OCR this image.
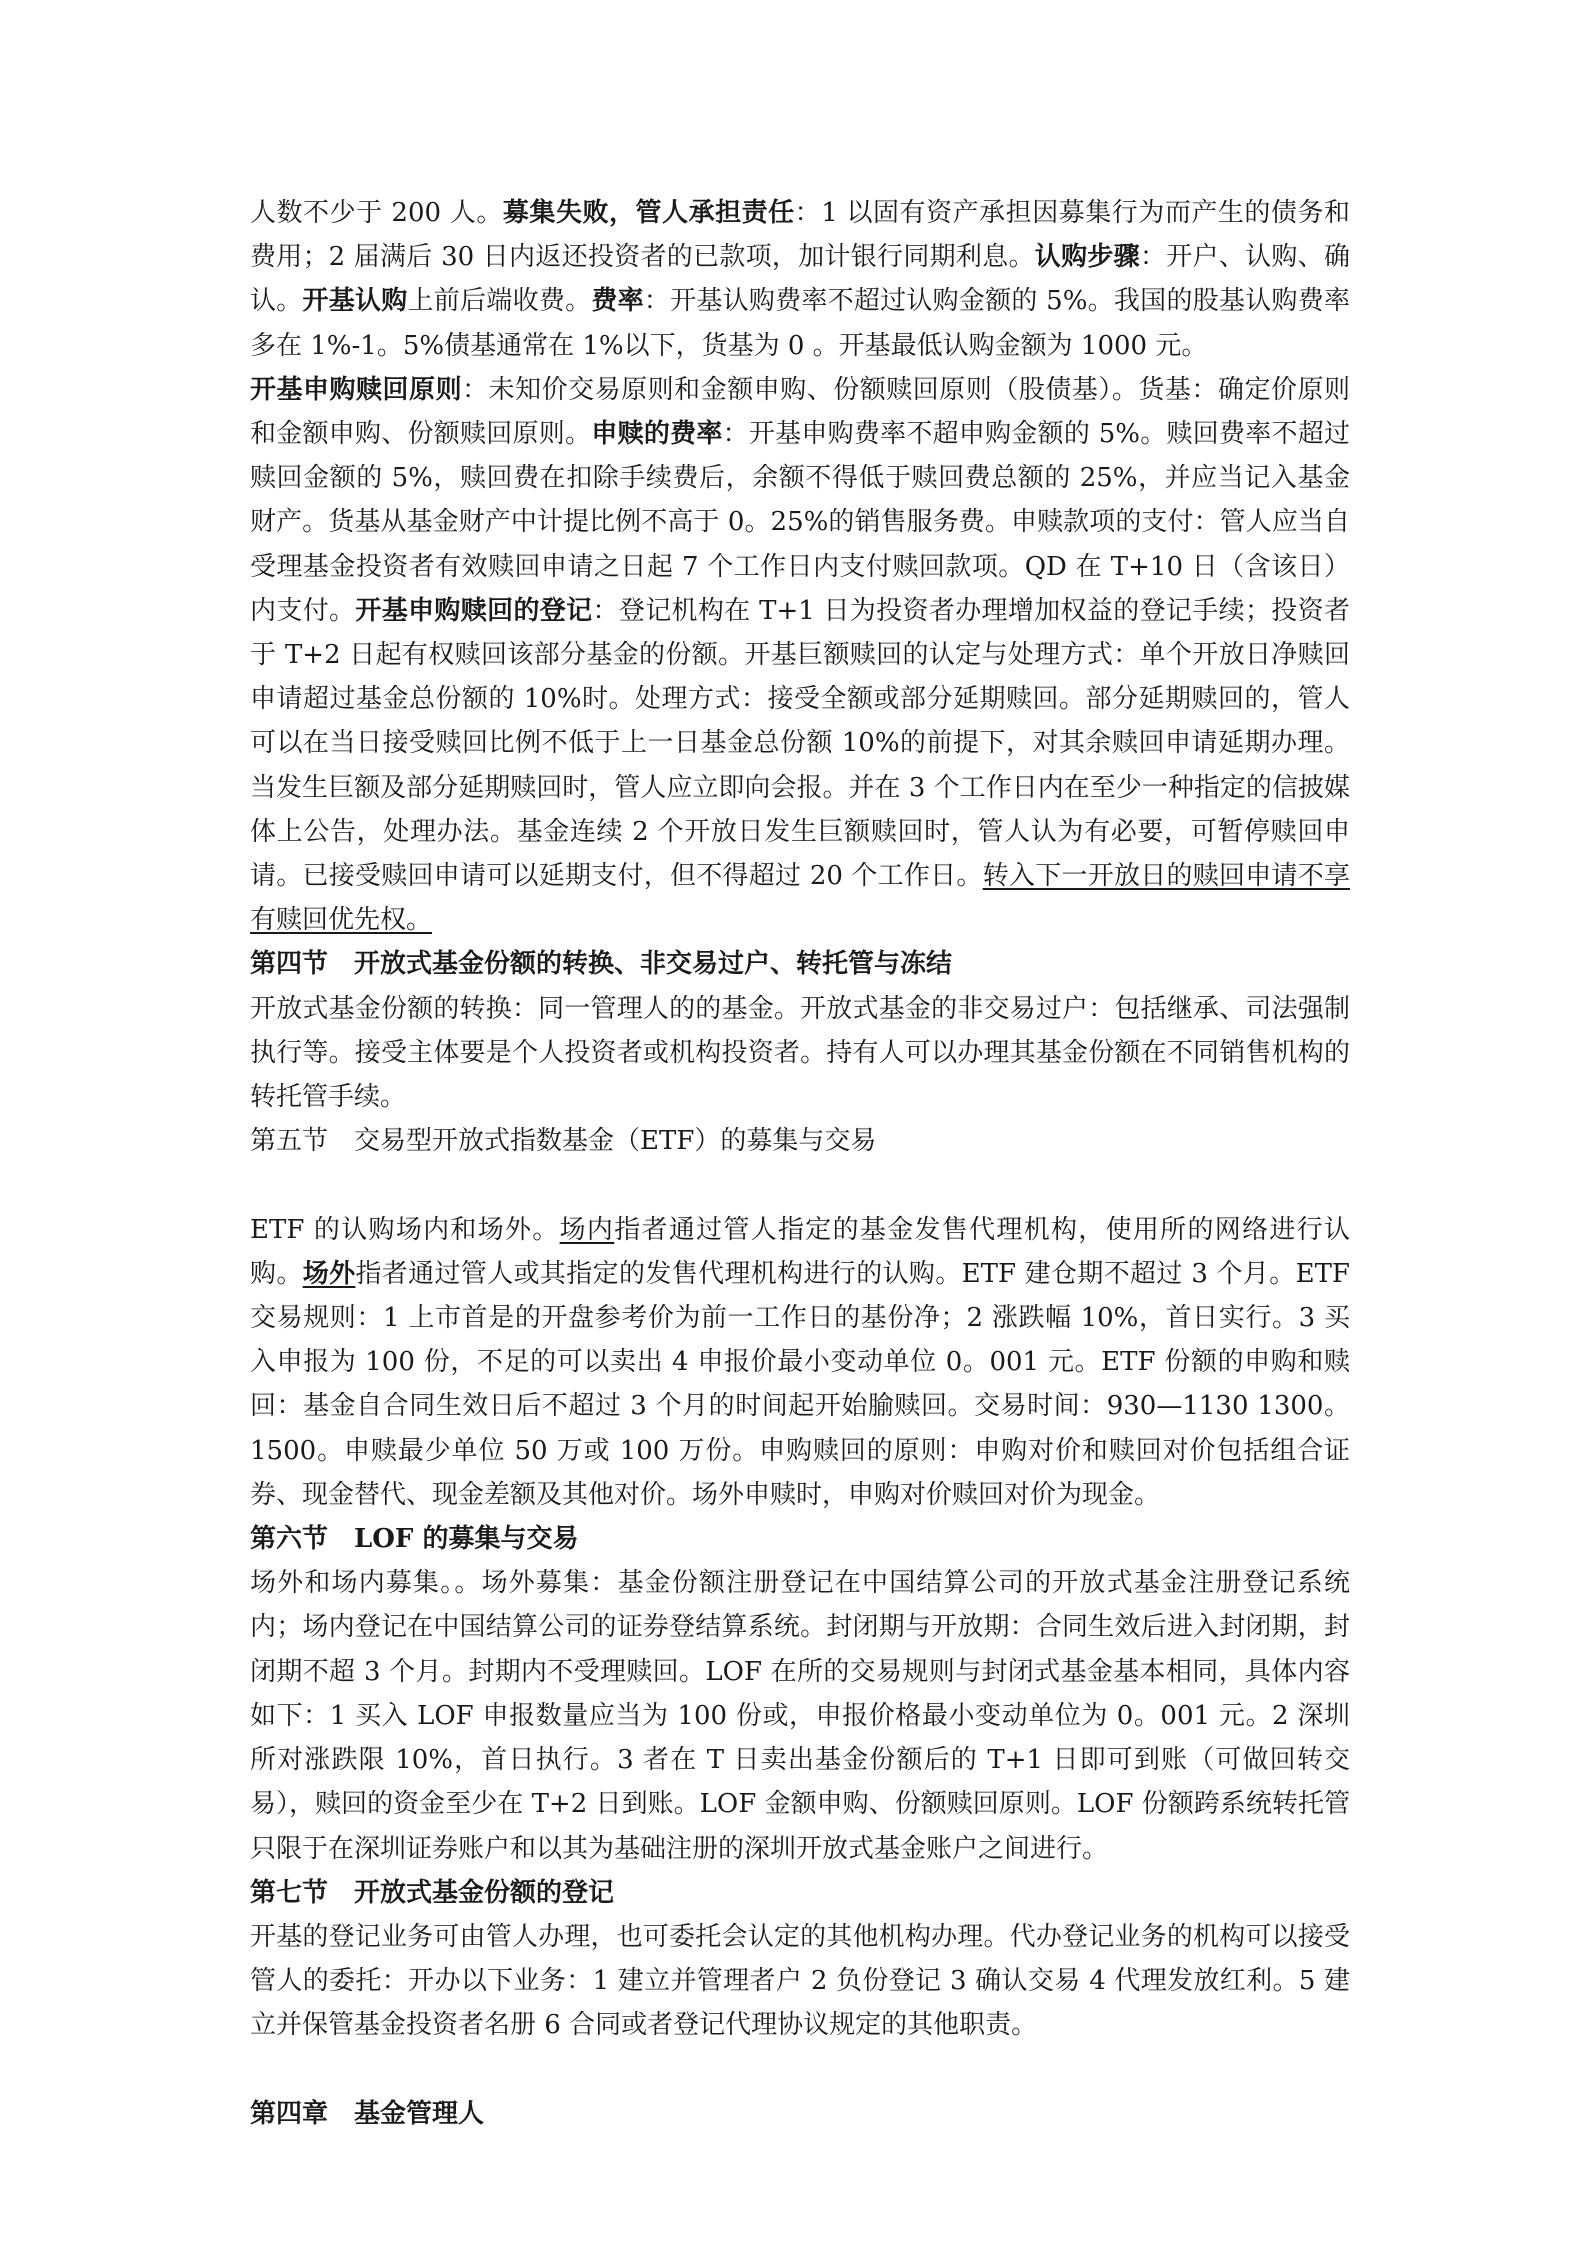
人数不少于 200 人。募集失败，管人承担责任：1 以固有资产承担因募集行为而产生的债务和费用；2 届满后 30 日内返还投资者的已款项，加计银行同期利息。认购步骤：开户、认购、确认。开基认购上前后端收费。费率：开基认购费率不超过认购金额的 5%。我国的股基认购费率多在 1%-1。5%债基通常在 1%以下，货基为 0 。开基最低认购金额为 1000 元。

开基申购赎回原则：未知价交易原则和金额申购、份额赎回原则（股债基）。货基：确定价原则和金额申购、份额赎回原则。申赎的费率：开基申购费率不超申购金额的 5%。赎回费率不超过赎回金额的 5%，赎回费在扣除手续费后，余额不得低于赎回费总额的 25%，并应当记入基金财产。货基从基金财产中计提比例不高于 0。25%的销售服务费。申赎款项的支付：管人应当自受理基金投资者有效赎回申请之日起 7 个工作日内支付赎回款项。QD 在 T+10 日（含该日）内支付。开基申购赎回的登记：登记机构在 T+1 日为投资者办理增加权益的登记手续；投资者于 T+2 日起有权赎回该部分基金的份额。开基巨额赎回的认定与处理方式：单个开放日净赎回申请超过基金总份额的 10%时。处理方式：接受全额或部分延期赎回。部分延期赎回的，管人可以在当日接受赎回比例不低于上一日基金总份额 10%的前提下，对其余赎回申请延期办理。当发生巨额及部分延期赎回时，管人应立即向会报。并在 3 个工作日内在至少一种指定的信披媒体上公告，处理办法。基金连续 2 个开放日发生巨额赎回时，管人认为有必要，可暂停赎回申请。已接受赎回申请可以延期支付，但不得超过 20 个工作日。转入下一开放日的赎回申请不享有赎回优先权。

第四节　开放式基金份额的转换、非交易过户、转托管与冻结

开放式基金份额的转换：同一管理人的的基金。开放式基金的非交易过户：包括继承、司法强制执行等。接受主体要是个人投资者或机构投资者。持有人可以办理其基金份额在不同销售机构的转托管手续。

第五节　交易型开放式指数基金（ETF）的募集与交易

ETF 的认购场内和场外。场内指者通过管人指定的基金发售代理机构，使用所的网络进行认购。场外指者通过管人或其指定的发售代理机构进行的认购。ETF 建仓期不超过 3 个月。ETF 交易规则：1 上市首是的开盘参考价为前一工作日的基份净；2 涨跌幅 10%，首日实行。3 买入申报为 100 份，不足的可以卖出 4 申报价最小变动单位 0。001 元。ETF 份额的申购和赎回：基金自合同生效日后不超过 3 个月的时间起开始腧赎回。交易时间：930—1130 1300。1500。申赎最少单位 50 万或 100 万份。申购赎回的原则：申购对价和赎回对价包括组合证券、现金替代、现金差额及其他对价。场外申赎时，申购对价赎回对价为现金。

第六节　LOF 的募集与交易

场外和场内募集。。场外募集：基金份额注册登记在中国结算公司的开放式基金注册登记系统内；场内登记在中国结算公司的证券登结算系统。封闭期与开放期：合同生效后进入封闭期，封闭期不超 3 个月。封期内不受理赎回。LOF 在所的交易规则与封闭式基金基本相同，具体内容如下：1 买入 LOF 申报数量应当为 100 份或，申报价格最小变动单位为 0。001 元。2 深圳所对涨跌限 10%，首日执行。3 者在 T 日卖出基金份额后的 T+1 日即可到账（可做回转交易），赎回的资金至少在 T+2 日到账。LOF 金额申购、份额赎回原则。LOF 份额跨系统转托管只限于在深圳证券账户和以其为基础注册的深圳开放式基金账户之间进行。

第七节　开放式基金份额的登记

开基的登记业务可由管人办理，也可委托会认定的其他机构办理。代办登记业务的机构可以接受管人的委托：开办以下业务：1 建立并管理者户 2 负份登记 3 确认交易 4 代理发放红利。5 建立并保管基金投资者名册 6 合同或者登记代理协议规定的其他职责。

第四章　基金管理人
